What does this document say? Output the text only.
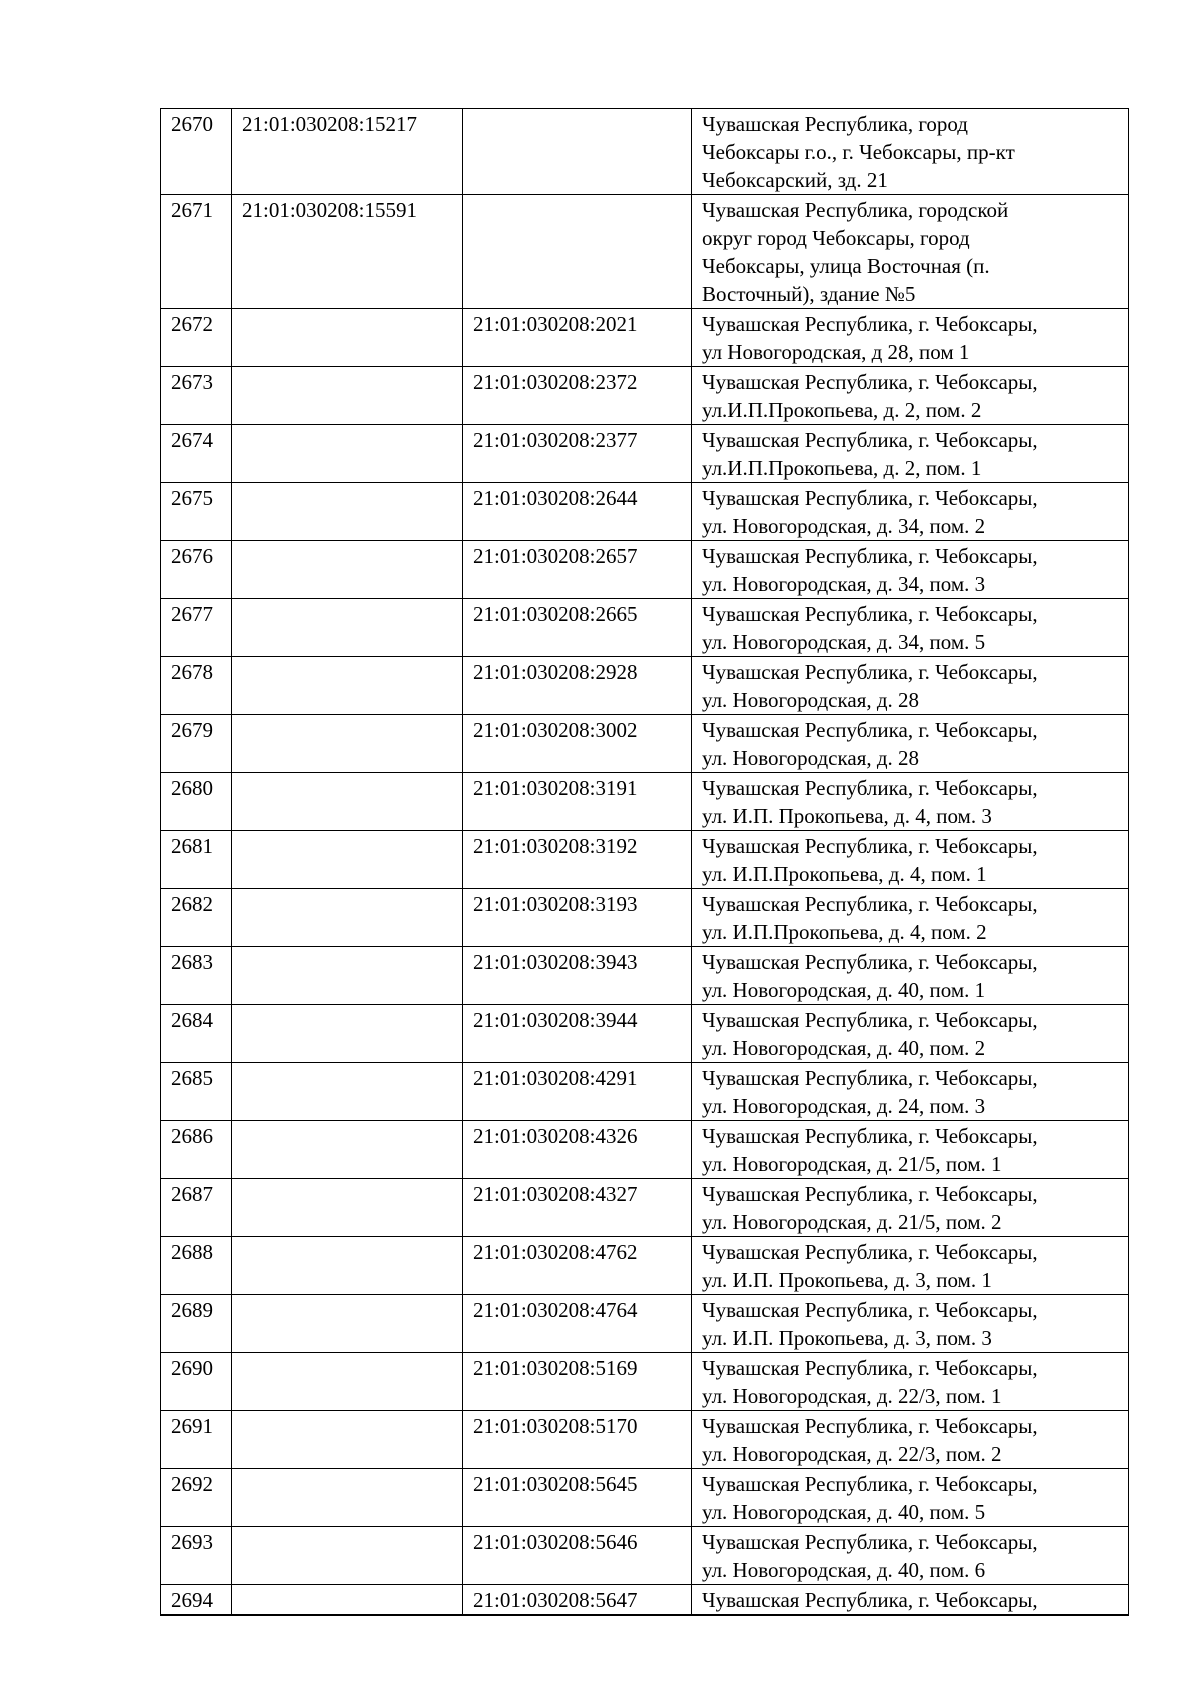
2670	21:01:030208:15217		Чувашская Республика, город
Чебоксары г.о., г. Чебоксары, пр-кт
Чебоксарский, зд. 21
2671	21:01:030208:15591		Чувашская Республика, городской
округ город Чебоксары, город
Чебоксары, улица Восточная (п.
Восточный), здание №5
2672		21:01:030208:2021	Чувашская Республика, г. Чебоксары,
ул Новогородская, д 28, пом 1
2673		21:01:030208:2372	Чувашская Республика, г. Чебоксары,
ул.И.П.Прокопьева, д. 2, пом. 2
2674		21:01:030208:2377	Чувашская Республика, г. Чебоксары,
ул.И.П.Прокопьева, д. 2, пом. 1
2675		21:01:030208:2644	Чувашская Республика, г. Чебоксары,
ул. Новогородская, д. 34, пом. 2
2676		21:01:030208:2657	Чувашская Республика, г. Чебоксары,
ул. Новогородская, д. 34, пом. 3
2677		21:01:030208:2665	Чувашская Республика, г. Чебоксары,
ул. Новогородская, д. 34, пом. 5
2678		21:01:030208:2928	Чувашская Республика, г. Чебоксары,
ул. Новогородская, д. 28
2679		21:01:030208:3002	Чувашская Республика, г. Чебоксары,
ул. Новогородская, д. 28
2680		21:01:030208:3191	Чувашская Республика, г. Чебоксары,
ул. И.П. Прокопьева, д. 4, пом. 3
2681		21:01:030208:3192	Чувашская Республика, г. Чебоксары,
ул. И.П.Прокопьева, д. 4, пом. 1
2682		21:01:030208:3193	Чувашская Республика, г. Чебоксары,
ул. И.П.Прокопьева, д. 4, пом. 2
2683		21:01:030208:3943	Чувашская Республика, г. Чебоксары,
ул. Новогородская, д. 40, пом. 1
2684		21:01:030208:3944	Чувашская Республика, г. Чебоксары,
ул. Новогородская, д. 40, пом. 2
2685		21:01:030208:4291	Чувашская Республика, г. Чебоксары,
ул. Новогородская, д. 24, пом. 3
2686		21:01:030208:4326	Чувашская Республика, г. Чебоксары,
ул. Новогородская, д. 21/5, пом. 1
2687		21:01:030208:4327	Чувашская Республика, г. Чебоксары,
ул. Новогородская, д. 21/5, пом. 2
2688		21:01:030208:4762	Чувашская Республика, г. Чебоксары,
ул. И.П. Прокопьева, д. 3, пом. 1
2689		21:01:030208:4764	Чувашская Республика, г. Чебоксары,
ул. И.П. Прокопьева, д. 3, пом. 3
2690		21:01:030208:5169	Чувашская Республика, г. Чебоксары,
ул. Новогородская, д. 22/3, пом. 1
2691		21:01:030208:5170	Чувашская Республика, г. Чебоксары,
ул. Новогородская, д. 22/3, пом. 2
2692		21:01:030208:5645	Чувашская Республика, г. Чебоксары,
ул. Новогородская, д. 40, пом. 5
2693		21:01:030208:5646	Чувашская Республика, г. Чебоксары,
ул. Новогородская, д. 40, пом. 6
2694		21:01:030208:5647	Чувашская Республика, г. Чебоксары,
